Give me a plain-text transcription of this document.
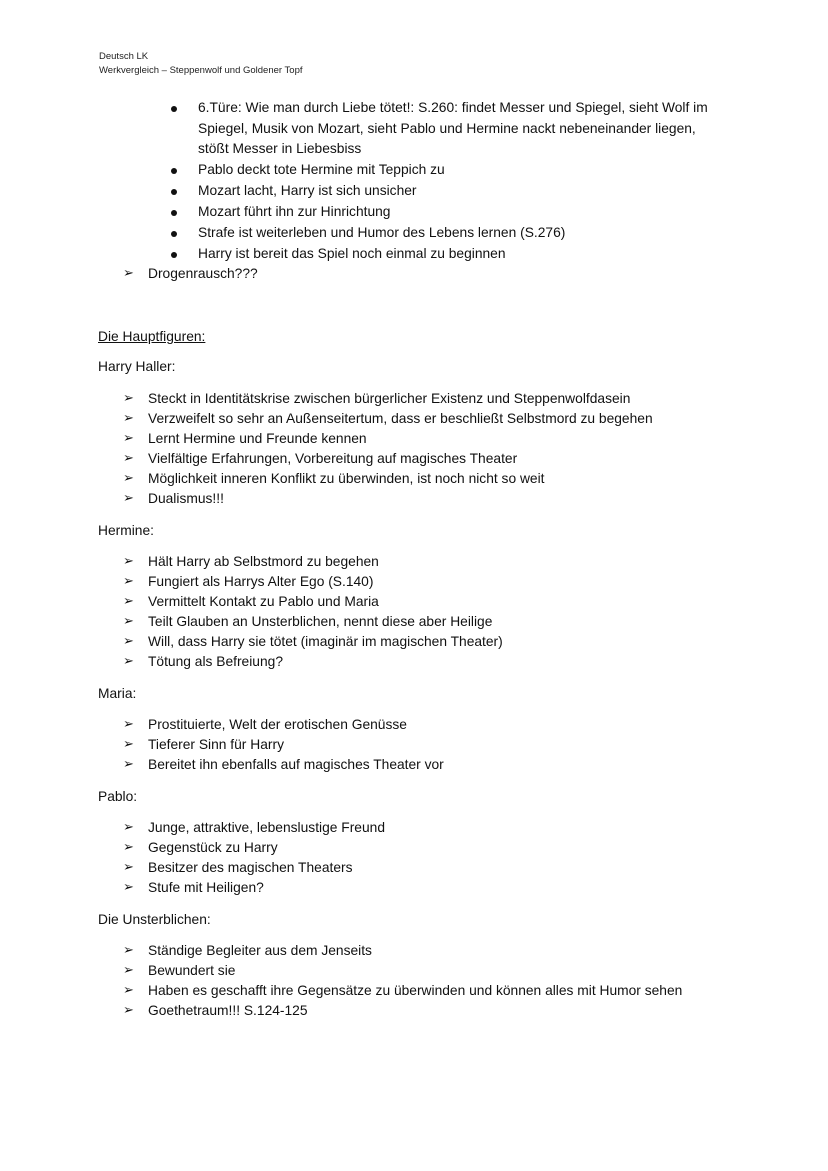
Deutsch LK
Werkvergleich – Steppenwolf und Goldener Topf
6.Türe: Wie man durch Liebe tötet!: S.260: findet Messer und Spiegel, sieht Wolf im
Spiegel, Musik von Mozart, sieht Pablo und Hermine nackt nebeneinander liegen,
stößt Messer in Liebesbiss
Pablo deckt tote Hermine mit Teppich zu
Mozart lacht, Harry ist sich unsicher
Mozart führt ihn zur Hinrichtung
Strafe ist weiterleben und Humor des Lebens lernen (S.276)
Harry ist bereit das Spiel noch einmal zu beginnen
➢ Drogenrausch???
Die Hauptfiguren:
Harry Haller:
➢ Steckt in Identitätskrise zwischen bürgerlicher Existenz und Steppenwolfdasein
➢ Verzweifelt so sehr an Außenseitertum, dass er beschließt Selbstmord zu begehen
➢ Lernt Hermine und Freunde kennen
➢ Vielfältige Erfahrungen, Vorbereitung auf magisches Theater
➢ Möglichkeit inneren Konflikt zu überwinden, ist noch nicht so weit
➢ Dualismus!!!
Hermine:
➢ Hält Harry ab Selbstmord zu begehen
➢ Fungiert als Harrys Alter Ego (S.140)
➢ Vermittelt Kontakt zu Pablo und Maria
➢ Teilt Glauben an Unsterblichen, nennt diese aber Heilige
➢ Will, dass Harry sie tötet (imaginär im magischen Theater)
➢ Tötung als Befreiung?
Maria:
➢ Prostituierte, Welt der erotischen Genüsse
➢ Tieferer Sinn für Harry
➢ Bereitet ihn ebenfalls auf magisches Theater vor
Pablo:
➢ Junge, attraktive, lebenslustige Freund
➢ Gegenstück zu Harry
➢ Besitzer des magischen Theaters
➢ Stufe mit Heiligen?
Die Unsterblichen:
➢ Ständige Begleiter aus dem Jenseits
➢ Bewundert sie
➢ Haben es geschafft ihre Gegensätze zu überwinden und können alles mit Humor sehen
➢ Goethetraum!!! S.124-125
